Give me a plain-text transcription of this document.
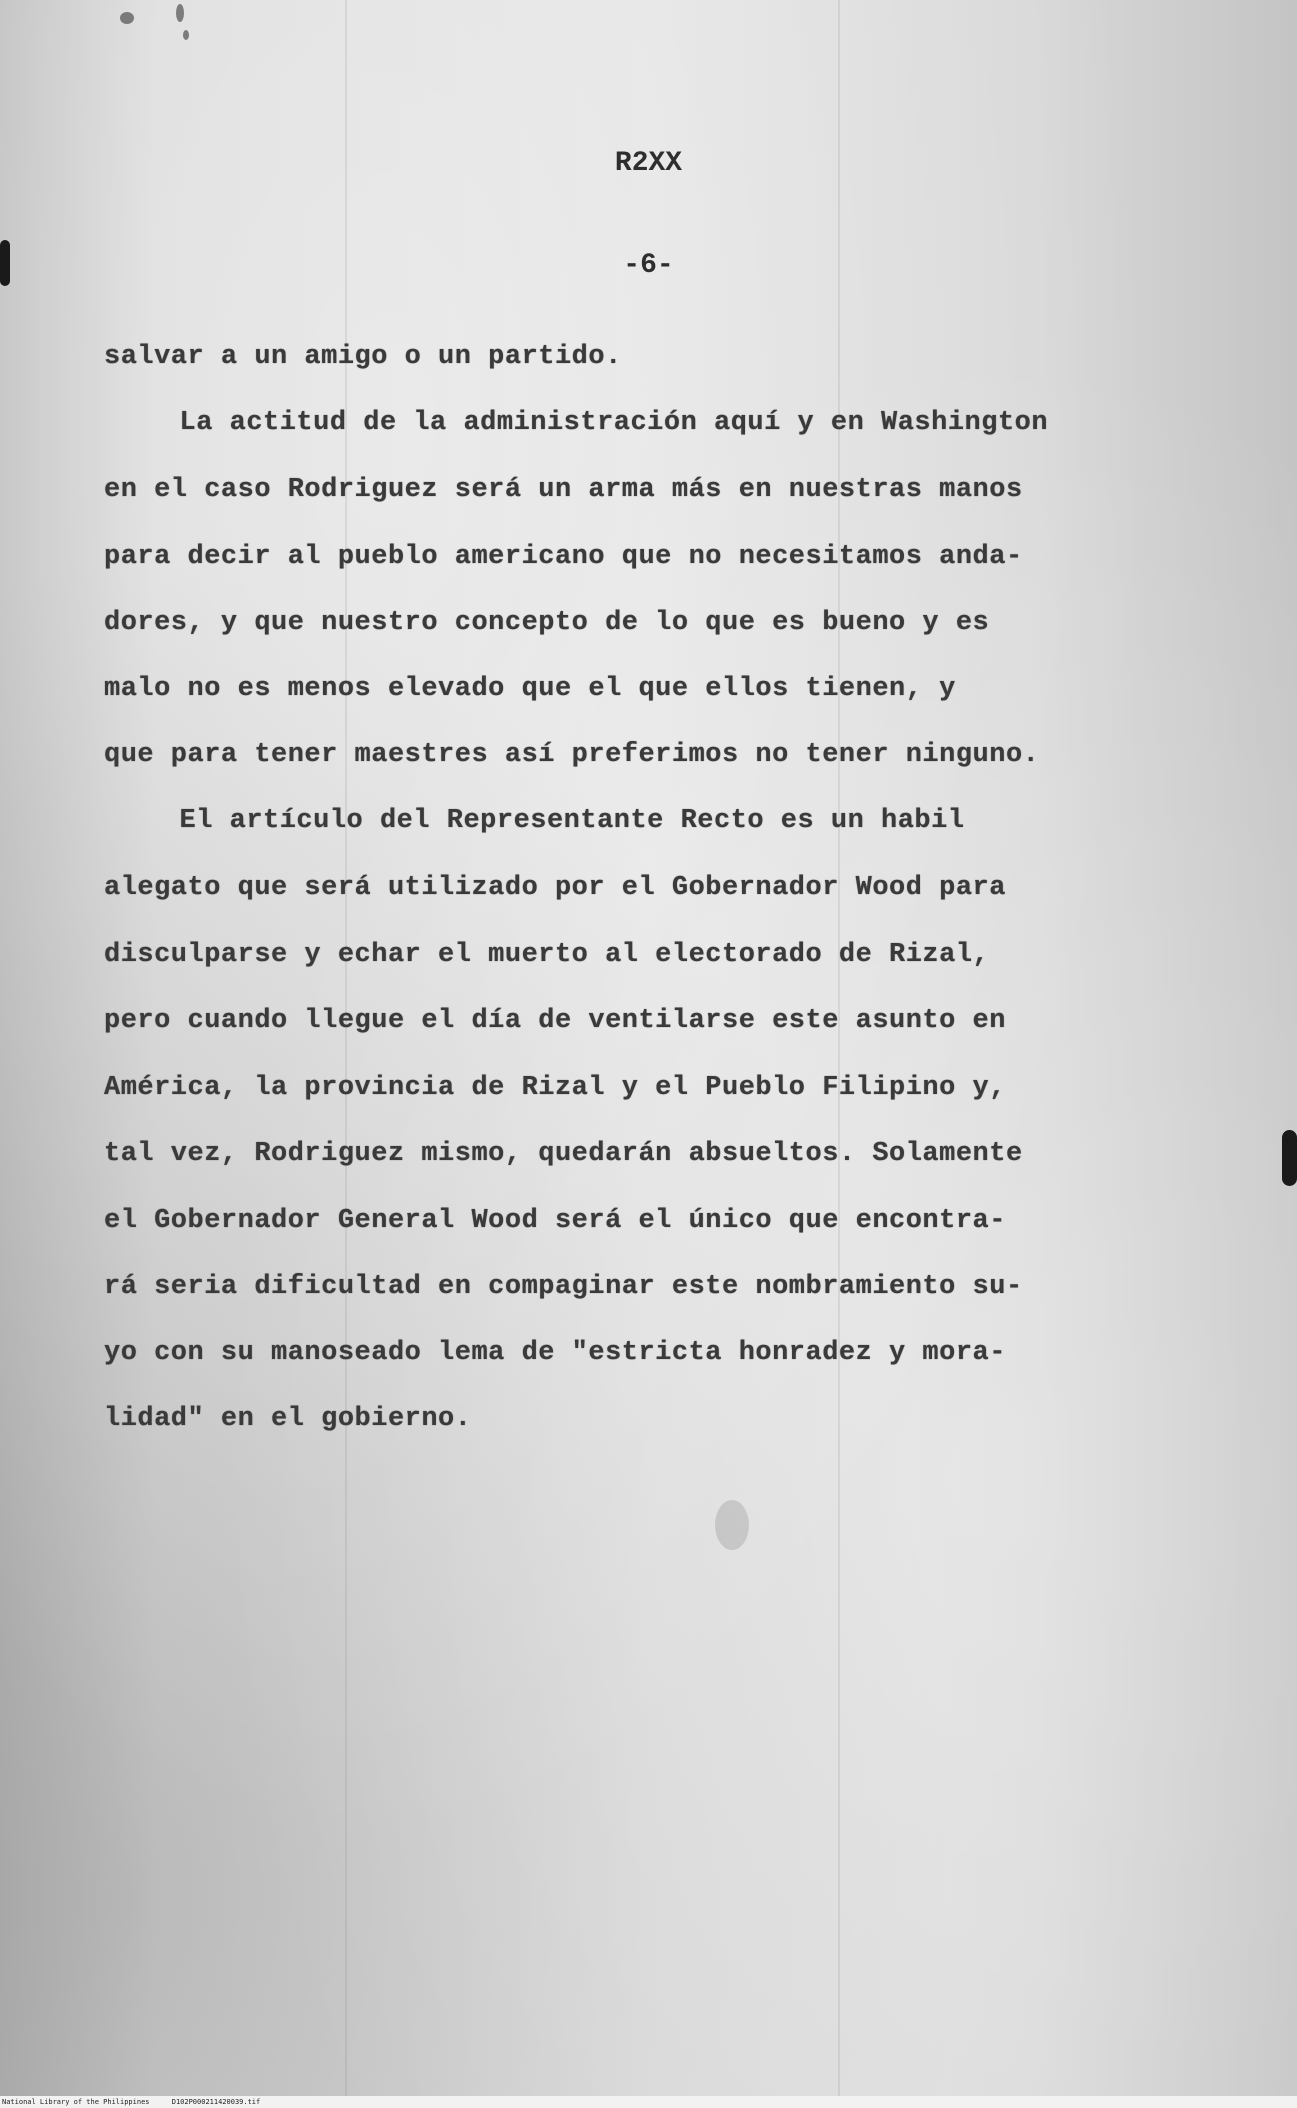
R2XX
-6-
salvar a un amigo o un partido.
La actitud de la administración aquí y en Washington
en el caso Rodriguez será un arma más en nuestras manos
para decir al pueblo americano que no necesitamos anda-
dores, y que nuestro concepto de lo que es bueno y es
malo no es menos elevado que el que ellos tienen, y
que para tener maestres así preferimos no tener ninguno.
El artículo del Representante Recto es un habil
alegato que será utilizado por el Gobernador Wood para
disculparse y echar el muerto al electorado de Rizal,
pero cuando llegue el día de ventilarse este asunto en
América, la provincia de Rizal y el Pueblo Filipino y,
tal vez, Rodriguez mismo, quedarán absueltos. Solamente
el Gobernador General Wood será el único que encontra-
rá seria dificultad en compaginar este nombramiento su-
yo con su manoseado lema de "estricta honradez y mora-
lidad" en el gobierno.
National Library of the Philippines	D102P000211420039.tif
